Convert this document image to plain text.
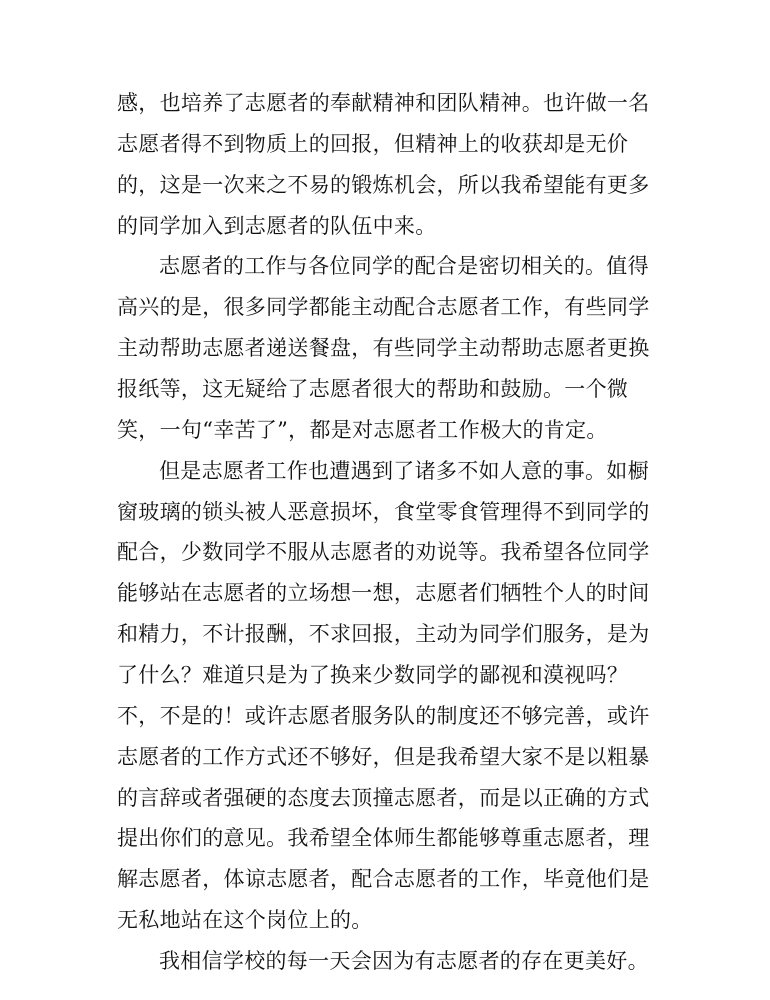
感，也培养了志愿者的奉献精神和团队精神。也许做一名
志愿者得不到物质上的回报，但精神上的收获却是无价
的，这是一次来之不易的锻炼机会，所以我希望能有更多
的同学加入到志愿者的队伍中来。
志愿者的工作与各位同学的配合是密切相关的。值得
高兴的是，很多同学都能主动配合志愿者工作，有些同学
主动帮助志愿者递送餐盘，有些同学主动帮助志愿者更换
报纸等，这无疑给了志愿者很大的帮助和鼓励。一个微
笑，一句“幸苦了”，都是对志愿者工作极大的肯定。
但是志愿者工作也遭遇到了诸多不如人意的事。如橱
窗玻璃的锁头被人恶意损坏，食堂零食管理得不到同学的
配合，少数同学不服从志愿者的劝说等。我希望各位同学
能够站在志愿者的立场想一想，志愿者们牺牲个人的时间
和精力，不计报酬，不求回报，主动为同学们服务，是为
了什么？难道只是为了换来少数同学的鄙视和漠视吗？
不，不是的！或许志愿者服务队的制度还不够完善，或许
志愿者的工作方式还不够好，但是我希望大家不是以粗暴
的言辞或者强硬的态度去顶撞志愿者，而是以正确的方式
提出你们的意见。我希望全体师生都能够尊重志愿者，理
解志愿者，体谅志愿者，配合志愿者的工作，毕竟他们是
无私地站在这个岗位上的。
我相信学校的每一天会因为有志愿者的存在更美好。
